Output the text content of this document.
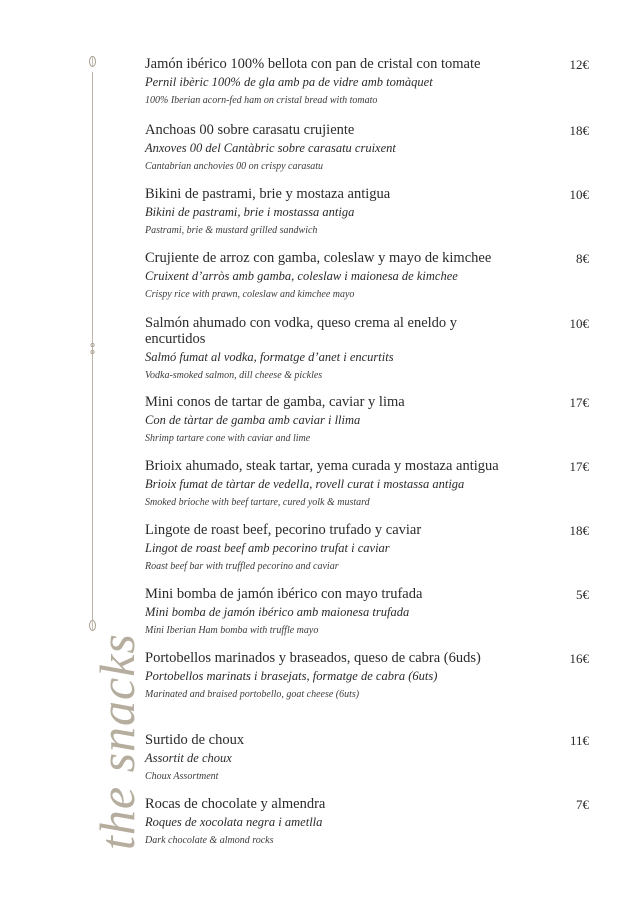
the snacks
Jamón ibérico 100% bellota con pan de cristal con tomate
Pernil ibèric 100% de gla amb pa de vidre amb tomàquet
100% Iberian acorn-fed ham on cristal bread with tomato
12€
Anchoas 00 sobre carasatu crujiente
Anxoves 00 del Cantàbric sobre carasatu cruixent
Cantabrian anchovies 00 on crispy carasatu
18€
Bikini de pastrami, brie y mostaza antigua
Bikini de pastrami, brie i mostassa antiga
Pastrami, brie & mustard grilled sandwich
10€
Crujiente de arroz con gamba, coleslaw y mayo de kimchee
Cruixent d’arròs amb gamba, coleslaw i maionesa de kimchee
Crispy rice with prawn, coleslaw and kimchee mayo
8€
Salmón ahumado con vodka, queso crema al eneldo y encurtidos
Salmó fumat al vodka, formatge d’anet i encurtits
Vodka-smoked salmon, dill cheese & pickles
10€
Mini conos de tartar de gamba, caviar y lima
Con de tàrtar de gamba amb caviar i llima
Shrimp tartare cone with caviar and lime
17€
Brioix ahumado, steak tartar, yema curada y mostaza antigua
Brioix fumat de tàrtar de vedella, rovell curat i mostassa antiga
Smoked brioche with beef tartare, cured yolk & mustard
17€
Lingote de roast beef, pecorino trufado y caviar
Lingot de roast beef amb pecorino trufat i caviar
Roast beef bar with truffled pecorino and caviar
18€
Mini bomba de jamón ibérico con mayo trufada
Mini bomba de jamón ibérico amb maionesa trufada
Mini Iberian Ham bomba with truffle mayo
5€
Portobellos marinados y braseados, queso de cabra (6uds)
Portobellos marinats i brasejats, formatge de cabra (6uts)
Marinated and braised portobello, goat cheese (6uts)
16€
Surtido de choux
Assortit de choux
Choux Assortment
11€
Rocas de chocolate y almendra
Roques de xocolata negra i ametlla
Dark chocolate & almond rocks
7€
